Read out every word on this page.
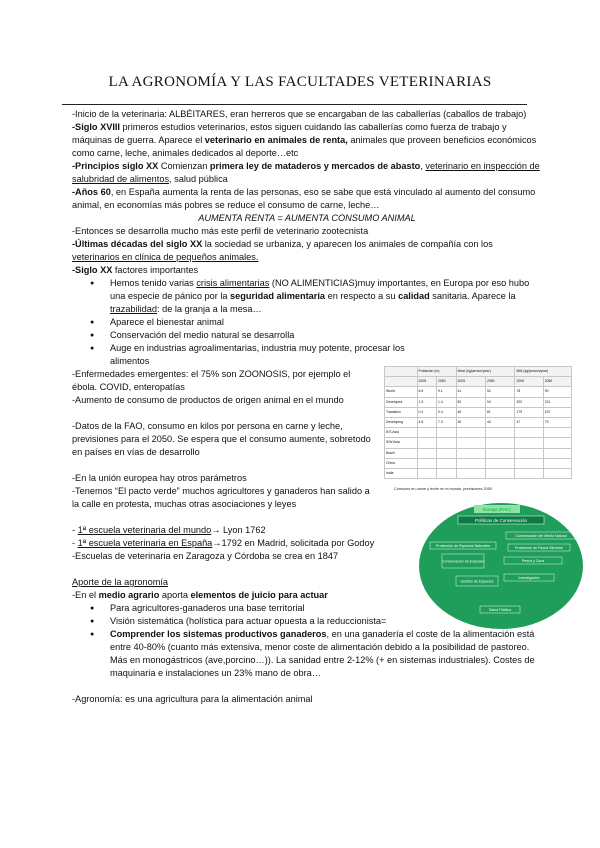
LA AGRONOMÍA Y LAS FACULTADES VETERINARIAS

-Inicio de la veterinaria: ALBÉITARES, eran herreros que se encargaban de las caballerías (caballos de trabajo)

-Siglo XVIII primeros estudios veterinarios, estos siguen cuidando las caballerías como fuerza de trabajo y máquinas de guerra. Aparece el veterinario en animales de renta, animales que proveen beneficios económicos como carne, leche, animales dedicados al deporte…etc

-Principios siglo XX Comienzan primera ley de mataderos y mercados de abasto, veterinario en inspección de salubridad de alimentos, salud pública

-Años 60, en España aumenta la renta de las personas, eso se sabe que está vinculado al aumento del consumo animal, en economías más pobres se reduce el consumo de carne, leche…

AUMENTA RENTA = AUMENTA CONSUMO ANIMAL

-Entonces se desarrolla mucho más este perfil de veterinario zootecnista

-Últimas décadas del siglo XX la sociedad se urbaniza, y aparecen los animales de compañía con los veterinarios en clínica de pequeños animales.

-Siglo XX factores importantes

● Hemos tenido varias crisis alimentarias (NO ALIMENTICIAS)muy importantes, en Europa por eso hubo una especie de pánico por la seguridad alimentaria en respecto a su calidad sanitaria. Aparece la trazabilidad: de la granja a la mesa…
● Aparece el bienestar animal
● Conservación del medio natural se desarrolla
● Auge en industrias agroalimentarias, industria muy potente, procesar los alimentos

-Enfermedades emergentes: el 75% son ZOONOSIS, por ejemplo el ébola. COVID, enteropatías

-Aumento de consumo de productos de origen animal en el mundo

-Datos de la FAO, consumo en kilos por persona en carne y leche, previsiones para el 2050. Se espera que el consumo aumente, sobretodo en países en vías de desarrollo

-En la unión europea hay otros parámetros

-Tenemos “El pacto verde” muchos agricultores y ganaderos han salido a la calle en protesta, muchas otras asociaciones y leyes

- 1ª escuela veterinaria del mundo→ Lyon 1762

- 1ª escuela veterinaria en España→1792 en Madrid, solicitada por Godoy

-Escuelas de veterinaria en Zaragoza y Córdoba se crea en 1847

Aporte de la agronomía

-En el medio agrario aporta elementos de juicio para actuar

● Para agricultores-ganaderos una base territorial
● Visión sistemática (holística para actuar opuesta a la reduccionista=
● Comprender los sistemas productivos ganaderos, en una ganadería el coste de la alimentación está entre 40-80% (cuanto más extensiva, menor coste de alimentación debido a la posibilidad de pastoreo. Más en monogástricos (ave,porcino…)). La sanidad entre 2-12% (+ en sistemas industriales). Costes de maquinaria e instalaciones un 23% mano de obra…

-Agronomía: es una agricultura para la alimentación animal

	Población (m)		Meat (kg/person/year)		Milk (kg/person/year)	
	2005	2050	2005	2050	2005	2050
World	6.5	9.1	41	52	78	90
Developed	1.3	1.4	82	94	202	221
Transition	0.4	0.4	46	61	179	197
Developing	4.8	7.3	30	44	47	79
E/S Asia						
S/W Asia						
Brazil						
China						
India						
Consumo en carne y leche en el mundo, previsiones 2050
Europa (PAC)
Políticas de Conservación
Conservación del Medio Natural
Protección de Espacios Naturales	Protección de Fauna Silvestre
Conservación de Especies	Pesca y Caza
Gestión de Espacios
Investigación
Salud Pública
